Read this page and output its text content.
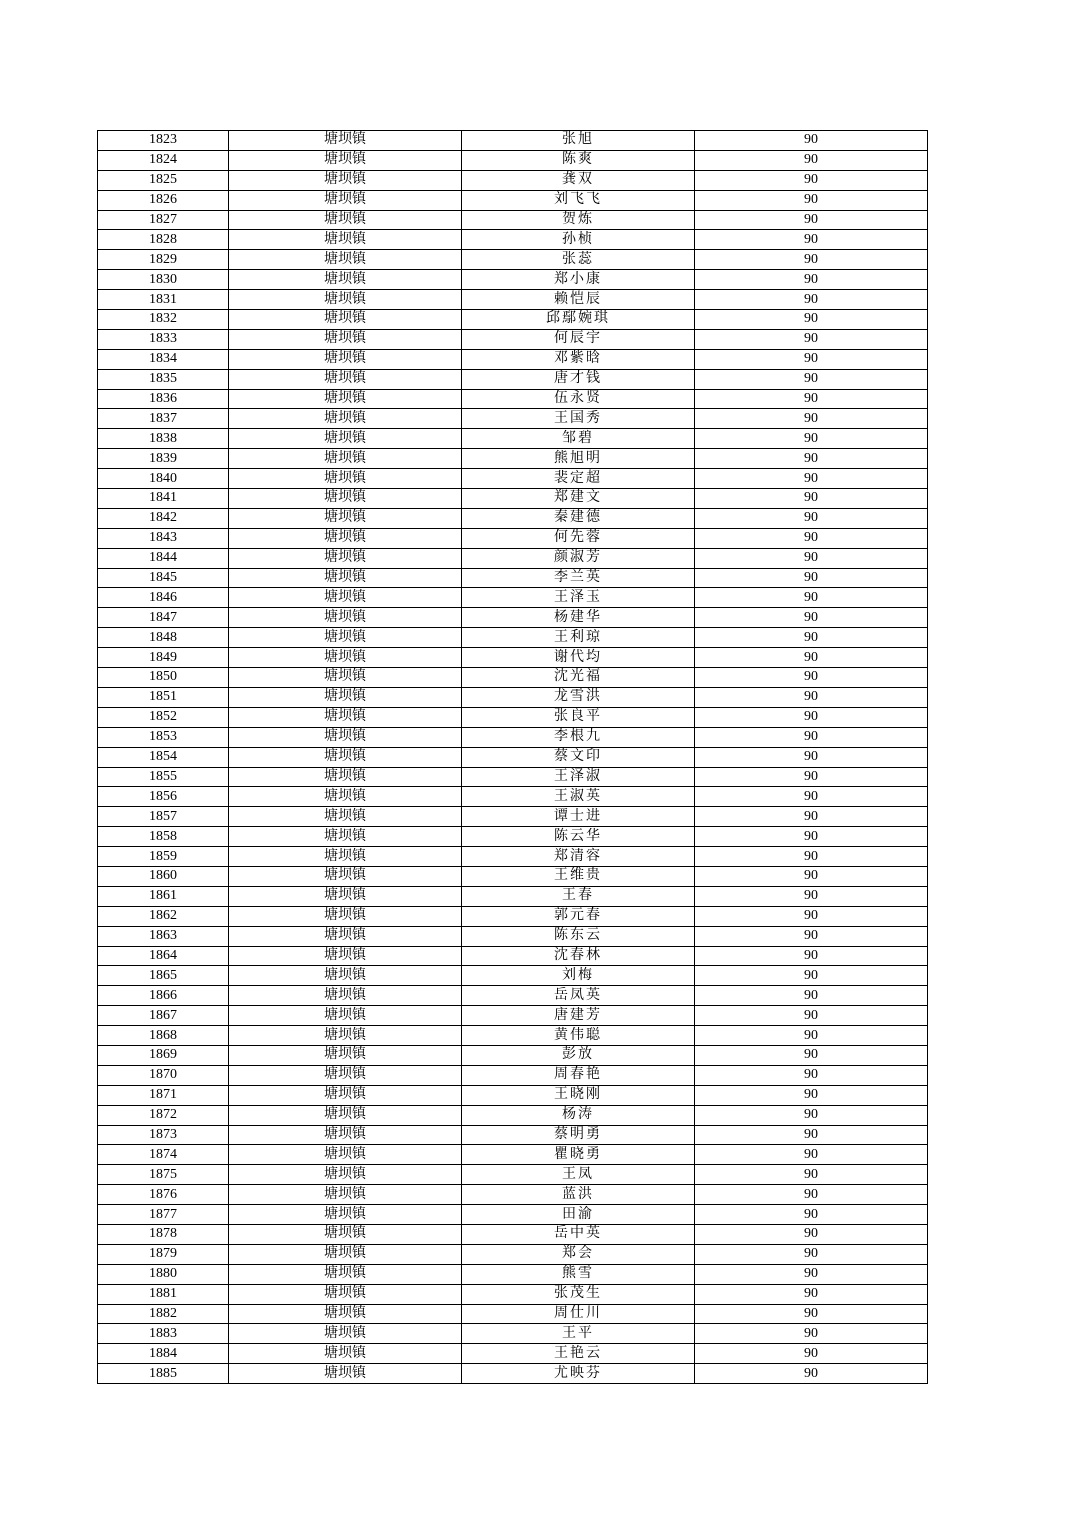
1823	塘坝镇	张旭	90
1824	塘坝镇	陈爽	90
1825	塘坝镇	龚双	90
1826	塘坝镇	刘飞飞	90
1827	塘坝镇	贺炼	90
1828	塘坝镇	孙桢	90
1829	塘坝镇	张蕊	90
1830	塘坝镇	郑小康	90
1831	塘坝镇	赖恺辰	90
1832	塘坝镇	邱鄢婉琪	90
1833	塘坝镇	何辰宇	90
1834	塘坝镇	邓紫晗	90
1835	塘坝镇	唐才钱	90
1836	塘坝镇	伍永贤	90
1837	塘坝镇	王国秀	90
1838	塘坝镇	邹碧	90
1839	塘坝镇	熊旭明	90
1840	塘坝镇	裴定超	90
1841	塘坝镇	郑建文	90
1842	塘坝镇	秦建德	90
1843	塘坝镇	何先蓉	90
1844	塘坝镇	颜淑芳	90
1845	塘坝镇	李兰英	90
1846	塘坝镇	王泽玉	90
1847	塘坝镇	杨建华	90
1848	塘坝镇	王利琼	90
1849	塘坝镇	谢代均	90
1850	塘坝镇	沈光福	90
1851	塘坝镇	龙雪洪	90
1852	塘坝镇	张良平	90
1853	塘坝镇	李根九	90
1854	塘坝镇	蔡文印	90
1855	塘坝镇	王泽淑	90
1856	塘坝镇	王淑英	90
1857	塘坝镇	谭士进	90
1858	塘坝镇	陈云华	90
1859	塘坝镇	郑清容	90
1860	塘坝镇	王维贵	90
1861	塘坝镇	王春	90
1862	塘坝镇	郭元春	90
1863	塘坝镇	陈东云	90
1864	塘坝镇	沈春林	90
1865	塘坝镇	刘梅	90
1866	塘坝镇	岳凤英	90
1867	塘坝镇	唐建芳	90
1868	塘坝镇	黄伟聪	90
1869	塘坝镇	彭放	90
1870	塘坝镇	周春艳	90
1871	塘坝镇	王晓刚	90
1872	塘坝镇	杨涛	90
1873	塘坝镇	蔡明勇	90
1874	塘坝镇	瞿晓勇	90
1875	塘坝镇	王凤	90
1876	塘坝镇	蓝洪	90
1877	塘坝镇	田渝	90
1878	塘坝镇	岳中英	90
1879	塘坝镇	郑会	90
1880	塘坝镇	熊雪	90
1881	塘坝镇	张茂生	90
1882	塘坝镇	周仕川	90
1883	塘坝镇	王平	90
1884	塘坝镇	王艳云	90
1885	塘坝镇	尤映芬	90
